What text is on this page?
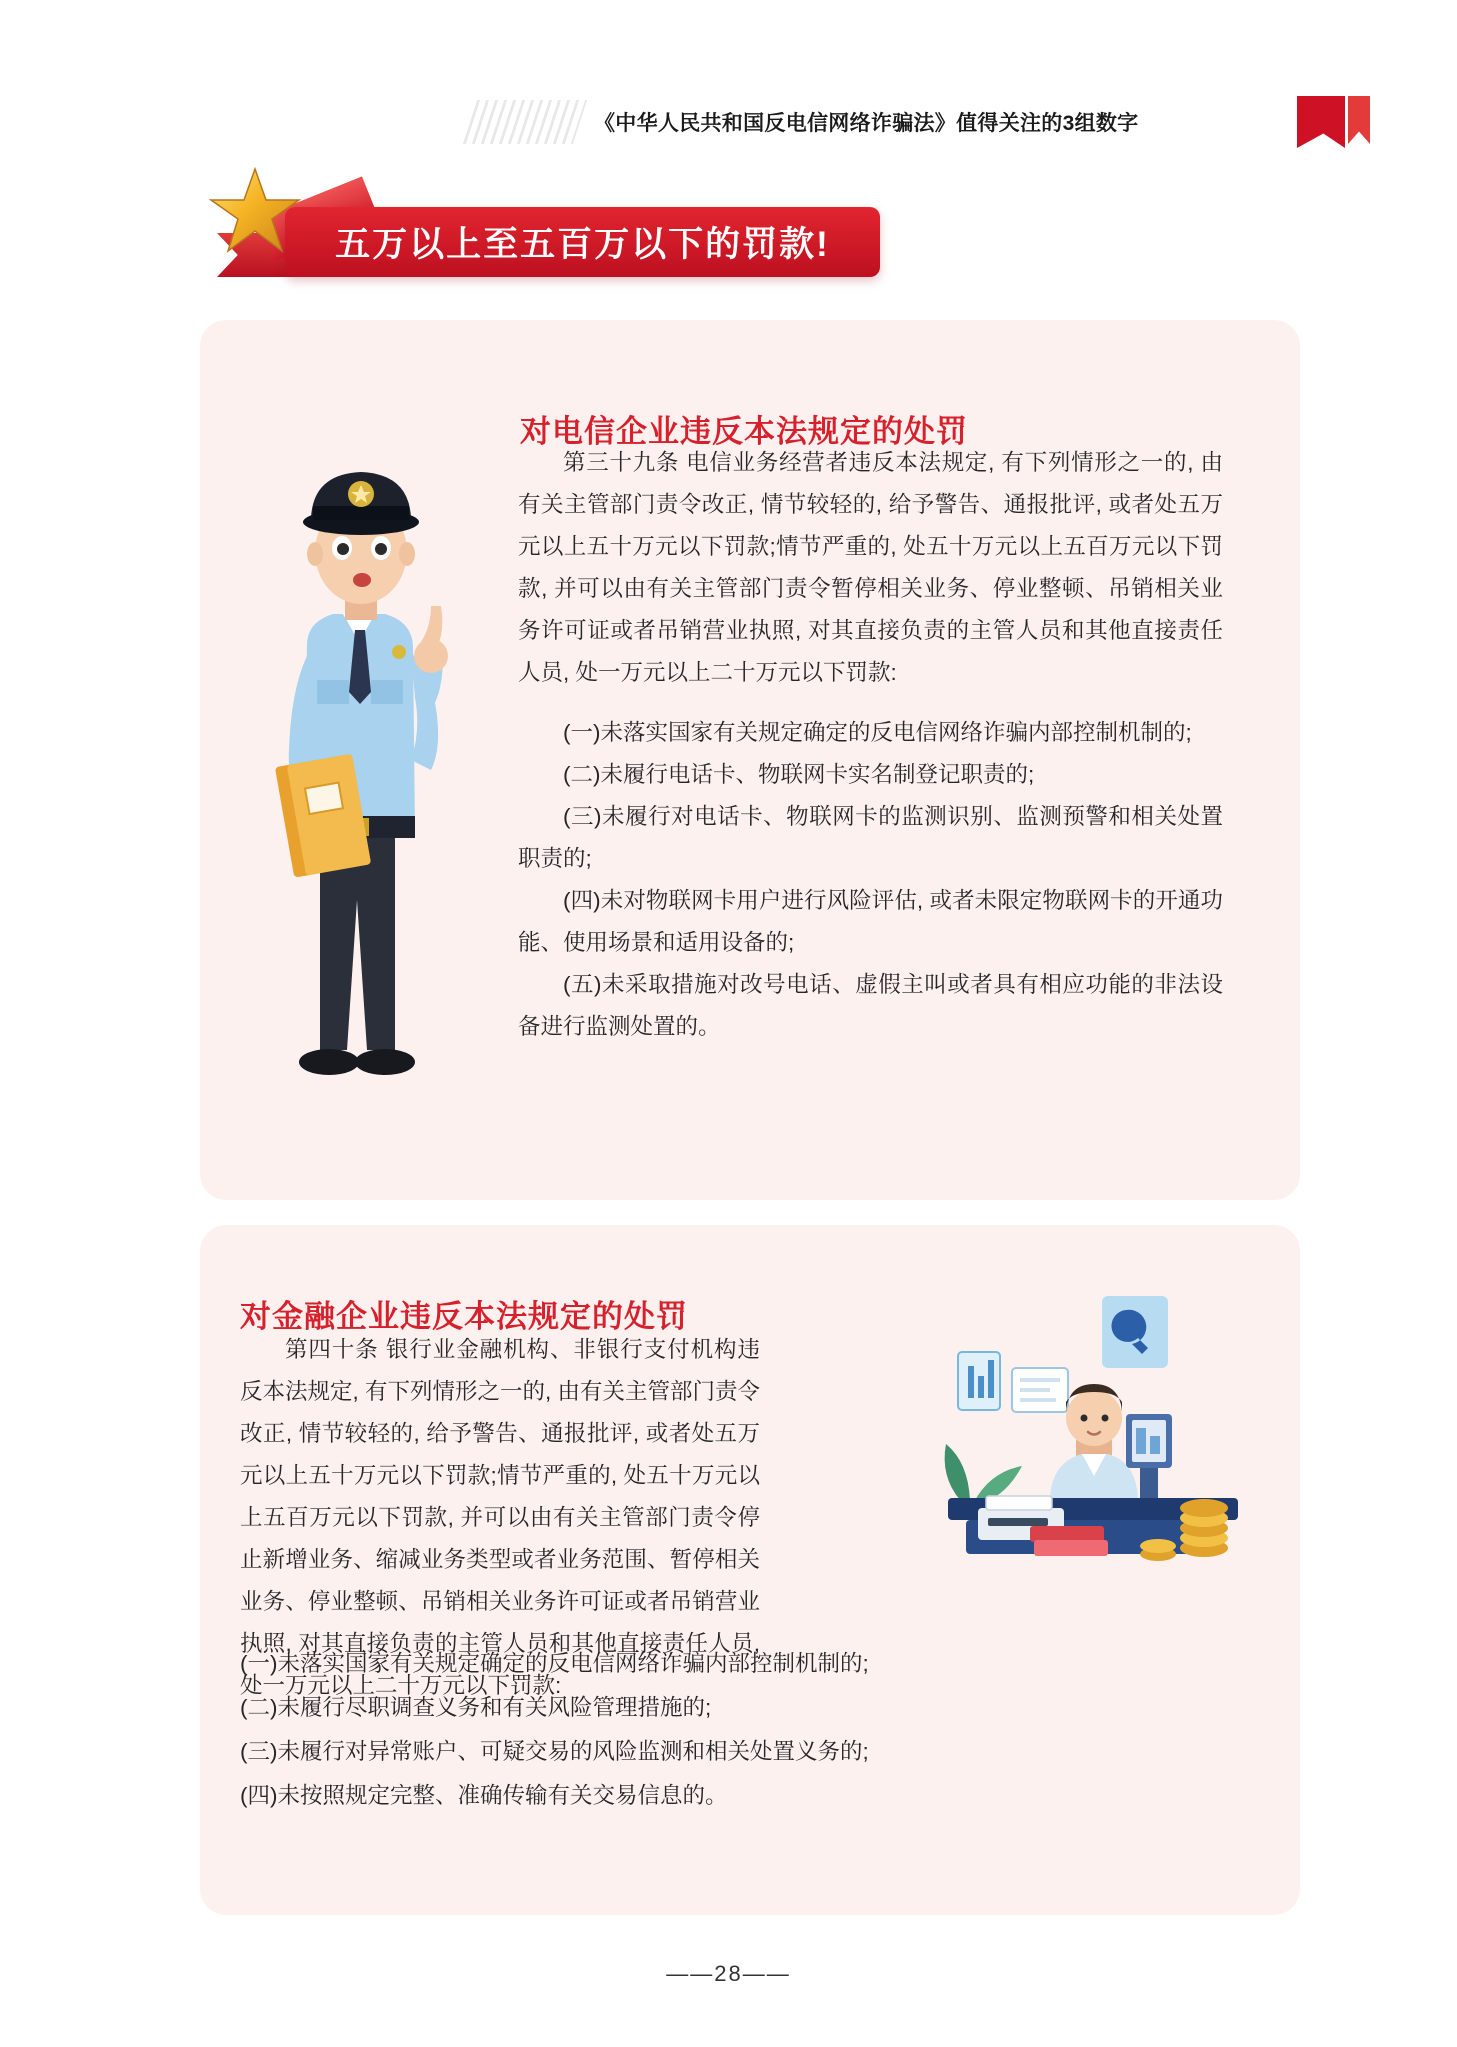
《中华人民共和国反电信网络诈骗法》值得关注的3组数字
五万以上至五百万以下的罚款!
对电信企业违反本法规定的处罚
第三十九条 电信业务经营者违反本法规定, 有下列情形之一的, 由有关主管部门责令改正, 情节较轻的, 给予警告、通报批评, 或者处五万元以上五十万元以下罚款;情节严重的, 处五十万元以上五百万元以下罚款, 并可以由有关主管部门责令暂停相关业务、停业整顿、吊销相关业务许可证或者吊销营业执照, 对其直接负责的主管人员和其他直接责任人员, 处一万元以上二十万元以下罚款:

(一)未落实国家有关规定确定的反电信网络诈骗内部控制机制的;

(二)未履行电话卡、物联网卡实名制登记职责的;

(三)未履行对电话卡、物联网卡的监测识别、监测预警和相关处置职责的;

(四)未对物联网卡用户进行风险评估, 或者未限定物联网卡的开通功能、使用场景和适用设备的;

(五)未采取措施对改号电话、虚假主叫或者具有相应功能的非法设备进行监测处置的。

对金融企业违反本法规定的处罚
第四十条 银行业金融机构、非银行支付机构违反本法规定, 有下列情形之一的, 由有关主管部门责令改正, 情节较轻的, 给予警告、通报批评, 或者处五万元以上五十万元以下罚款;情节严重的, 处五十万元以上五百万元以下罚款, 并可以由有关主管部门责令停止新增业务、缩减业务类型或者业务范围、暂停相关业务、停业整顿、吊销相关业务许可证或者吊销营业执照, 对其直接负责的主管人员和其他直接责任人员, 处一万元以上二十万元以下罚款:

(一)未落实国家有关规定确定的反电信网络诈骗内部控制机制的;

(二)未履行尽职调查义务和有关风险管理措施的;

(三)未履行对异常账户、可疑交易的风险监测和相关处置义务的;

(四)未按照规定完整、准确传输有关交易信息的。

——28——
